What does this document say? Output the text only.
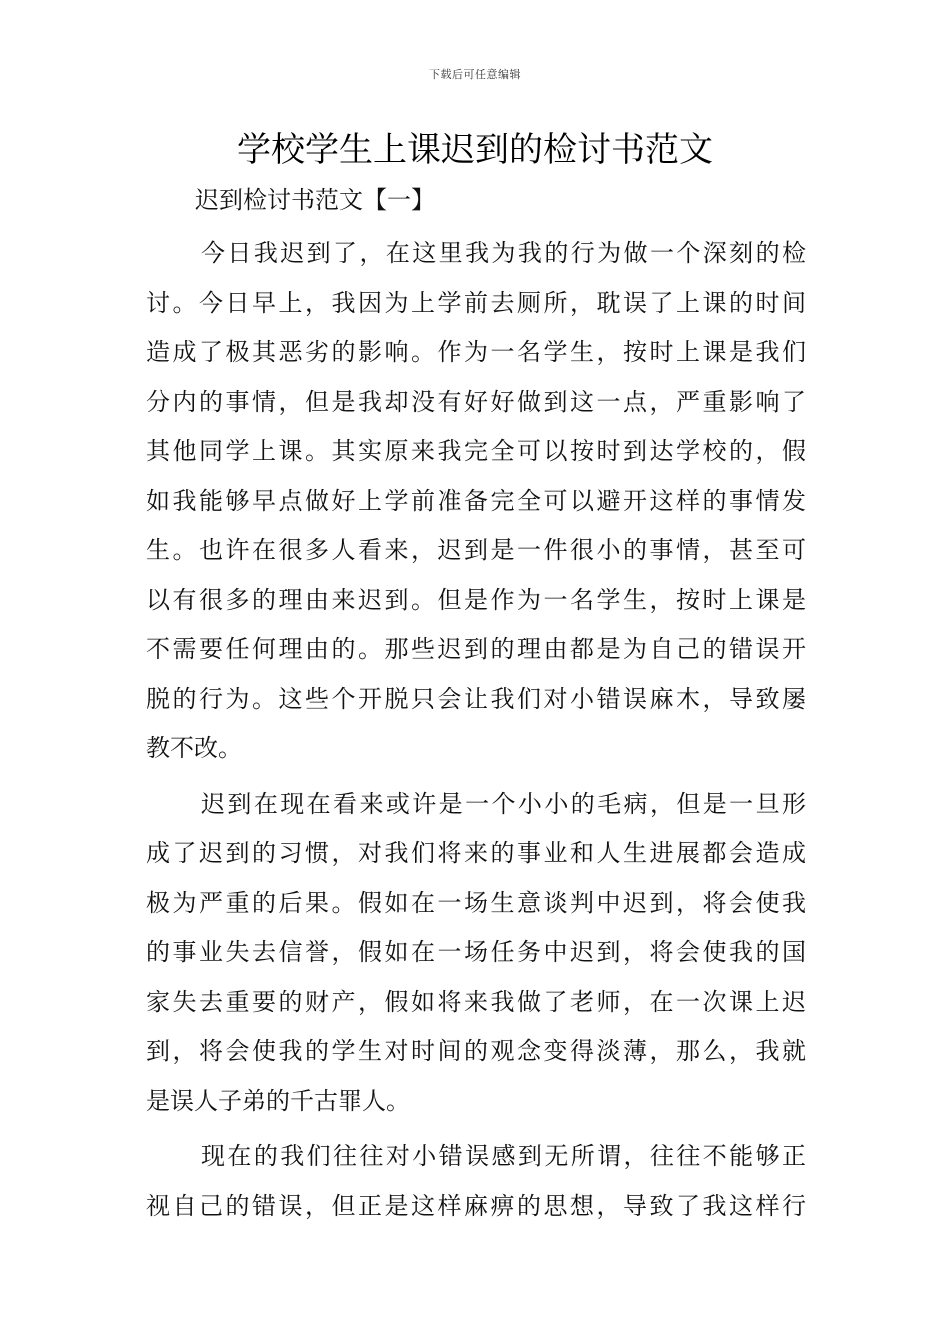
下载后可任意编辑
学校学生上课迟到的检讨书范文
迟到检讨书范文【一】
今日我迟到了，在这里我为我的行为做一个深刻的检
讨。今日早上，我因为上学前去厕所，耽误了上课的时间
造成了极其恶劣的影响。作为一名学生，按时上课是我们
分内的事情，但是我却没有好好做到这一点，严重影响了
其他同学上课。其实原来我完全可以按时到达学校的，假
如我能够早点做好上学前准备完全可以避开这样的事情发
生。也许在很多人看来，迟到是一件很小的事情，甚至可
以有很多的理由来迟到。但是作为一名学生，按时上课是
不需要任何理由的。那些迟到的理由都是为自己的错误开
脱的行为。这些个开脱只会让我们对小错误麻木，导致屡
教不改。
迟到在现在看来或许是一个小小的毛病，但是一旦形
成了迟到的习惯，对我们将来的事业和人生进展都会造成
极为严重的后果。假如在一场生意谈判中迟到，将会使我
的事业失去信誉，假如在一场任务中迟到，将会使我的国
家失去重要的财产，假如将来我做了老师，在一次课上迟
到，将会使我的学生对时间的观念变得淡薄，那么，我就
是误人子弟的千古罪人。
现在的我们往往对小错误感到无所谓，往往不能够正
视自己的错误，但正是这样麻痹的思想，导致了我这样行
